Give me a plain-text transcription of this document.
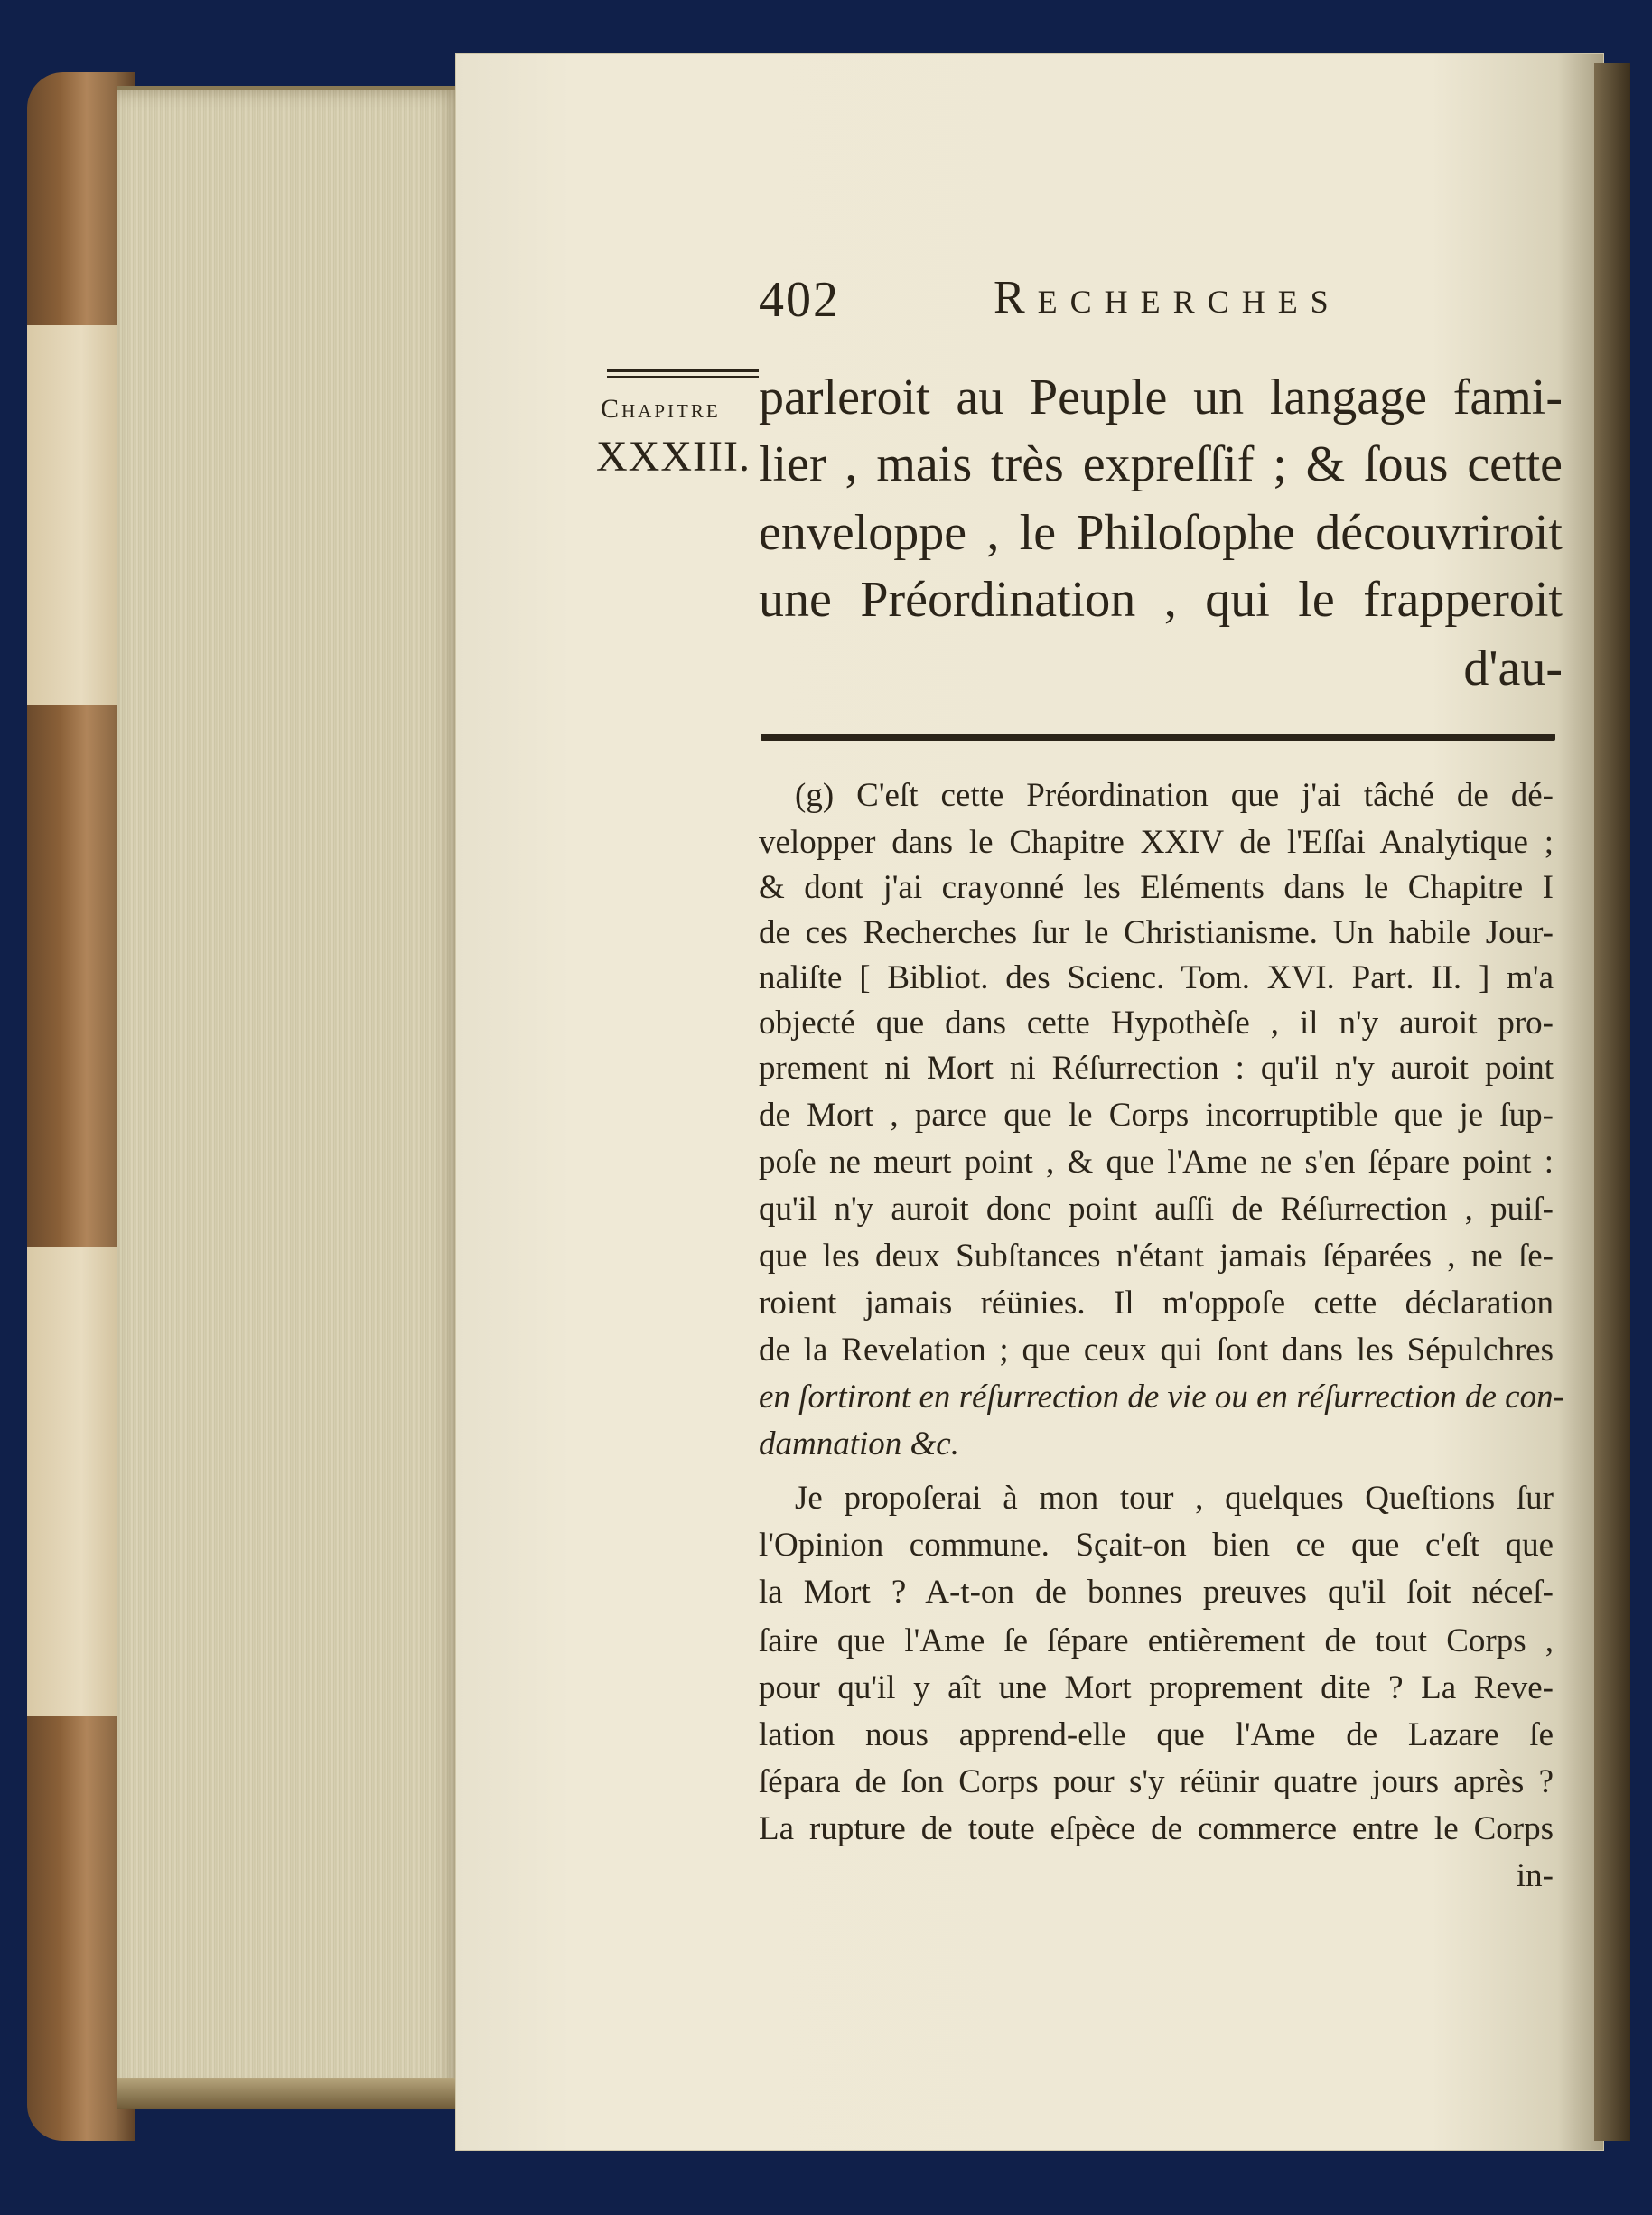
402	Recherches
Chapitre
XXXIII.
parleroit au Peuple un langage fami-
lier , mais très expreſſif ; & ſous cette
enveloppe , le Philoſophe découvriroit
une Préordination , qui le frapperoit
d'au-
(g) C'eſt cette Préordination que j'ai tâché de dé-
velopper dans le Chapitre XXIV de l'Eſſai Analytique ;
& dont j'ai crayonné les Eléments dans le Chapitre I
de ces Recherches ſur le Christianisme. Un habile Jour-
naliſte [ Bibliot. des Scienc. Tom. XVI. Part. II. ] m'a
objecté que dans cette Hypothèſe , il n'y auroit pro-
prement ni Mort ni Réſurrection : qu'il n'y auroit point
de Mort , parce que le Corps incorruptible que je ſup-
poſe ne meurt point , & que l'Ame ne s'en ſépare point :
qu'il n'y auroit donc point auſſi de Réſurrection , puiſ-
que les deux Subſtances n'étant jamais ſéparées , ne ſe-
roient jamais réünies. Il m'oppoſe cette déclaration
de la Revelation ; que ceux qui ſont dans les Sépulchres
en ſortiront en réſurrection de vie ou en réſurrection de con-
damnation &c.
Je propoſerai à mon tour , quelques Queſtions ſur
l'Opinion commune. Sçait-on bien ce que c'eſt que
la Mort ? A-t-on de bonnes preuves qu'il ſoit néceſ-
ſaire que l'Ame ſe ſépare entièrement de tout Corps ,
pour qu'il y aît une Mort proprement dite ? La Reve-
lation nous apprend-elle que l'Ame de Lazare ſe
ſépara de ſon Corps pour s'y réünir quatre jours après ?
La rupture de toute eſpèce de commerce entre le Corps
in-
